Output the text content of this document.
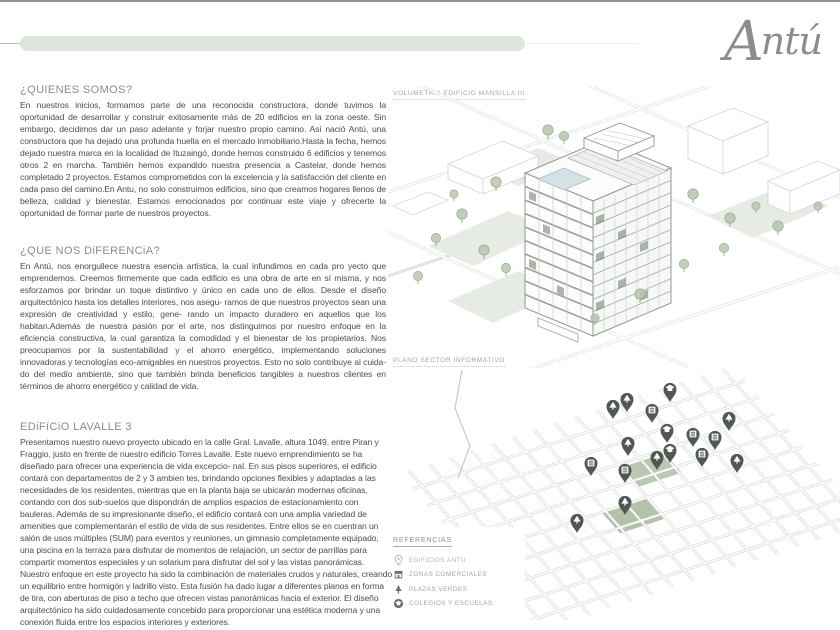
Antú
¿QUIENES SOMOS?

En nuestros inicios, formamos parte de una reconocida constructora, donde tuvimos la oportunidad de desarrollar y construir exitosamente más de 20 edificios en la zona oeste. Sin embargo, decidimos dar un paso adelante y forjar nuestro propio camino. Así nació Antú, una constructora que ha dejado una profunda huella en el mercado inmobiliario.Hasta la fecha, hemos dejado nuestra marca en la localidad de Ituzaingó, donde hemos construido 6 edificios y tenemos otros 2 en marcha. También hemos expandido nuestra presencia a Castelar, donde hemos completado 2 proyectos. Estamos comprometidos con la excelencia y la satisfacción del cliente en cada paso del camino.En Antu, no solo construimos edificios, sino que creamos hogares llenos de belleza, calidad y bienestar. Estamos emocionados por continuar este viaje y ofrecerte la oportunidad de formar parte de nuestros proyectos.

¿QUE NOS DiFERENCiA?

En Antú, nos enorgullece nuestra esencia artística, la cual infundimos en cada pro yecto que emprendemos. Creemos firmemente que cada edificio es una obra de arte en sí misma, y nos esforzamos por brindar un toque distintivo y único en cada uno de ellos. Desde el diseño arquitectónico hasta los detalles interiores, nos asegu- ramos de que nuestros proyectos sean una expresión de creatividad y estilo, gene- rando un impacto duradero en aquellos que los habitan.Además de nuestra pasión por el arte, nos distinguimos por nuestro enfoque en la eficiencia constructiva, la cual garantiza la comodidad y el bienestar de los propietarios. Nos preocupamos por la sustentabilidad y el ahorro energético, implementando soluciones innovadoras y tecnologías eco-amigables en nuestros proyectos. Esto no solo contribuye al cuida- do del medio ambiente, sino que también brinda beneficios tangibles a nuestros clientes en términos de ahorro energético y calidad de vida.

EDiFíCiO LAVALLE 3

Presentamos nuestro nuevo proyecto ubicado en la calle Gral. Lavalle, altura 1049, entre Piran y Fraggio, justo en frente de nuestro edificio Torres Lavalle. Este nuevo emprendimiento se ha diseñado para ofrecer una experiencia de vida excepcio- nal. En sus pisos superiores, el edificio contará con departamentos de 2 y 3 ambien tes, brindando opciones flexibles y adaptadas a las necesidades de los residentes, mientras que en la planta baja se ubicarán modernas oficinas, contando con dos sub-suelos que dispondrán de amplios espacios de estacionamiento con bauleras. Además de su impresionante diseño, el edificio contará con una amplia variedad de amenities que complementarán el estilo de vida de sus residentes. Entre ellos se en cuentran un salón de usos múltiples (SUM) para eventos y reuniones, un gimnasio completamente equipado, una piscina en la terraza para disfrutar de momentos de relajación, un sector de parrillas para compartir momentos especiales y un solarium para disfrutar del sol y las vistas panorámicas. Nuestro enfoque en este proyecto ha sido la combinación de materiales crudos y naturales, creando un equilibrio entre hormigón y ladrillo visto. Esta fusión ha dado lugar a diferentes planos en forma de tira, con aberturas de piso a techo que ofrecen vistas panorámicas hacia el exterior. El diseño arquitectónico ha sido cuidadosamente concebido para proporcionar una estética moderna y una conexión fluida entre los espacios interiores y exteriores.

VOLUMETRIA EDIFICIO MANSILLA III
PLANO SECTOR INFORMATIVO
REFERENCIAS
EDIFICIOS ANTU
ZONAS COMERCIALES
PLAZAS VERDES
COLEGIOS Y ESCUELAS
